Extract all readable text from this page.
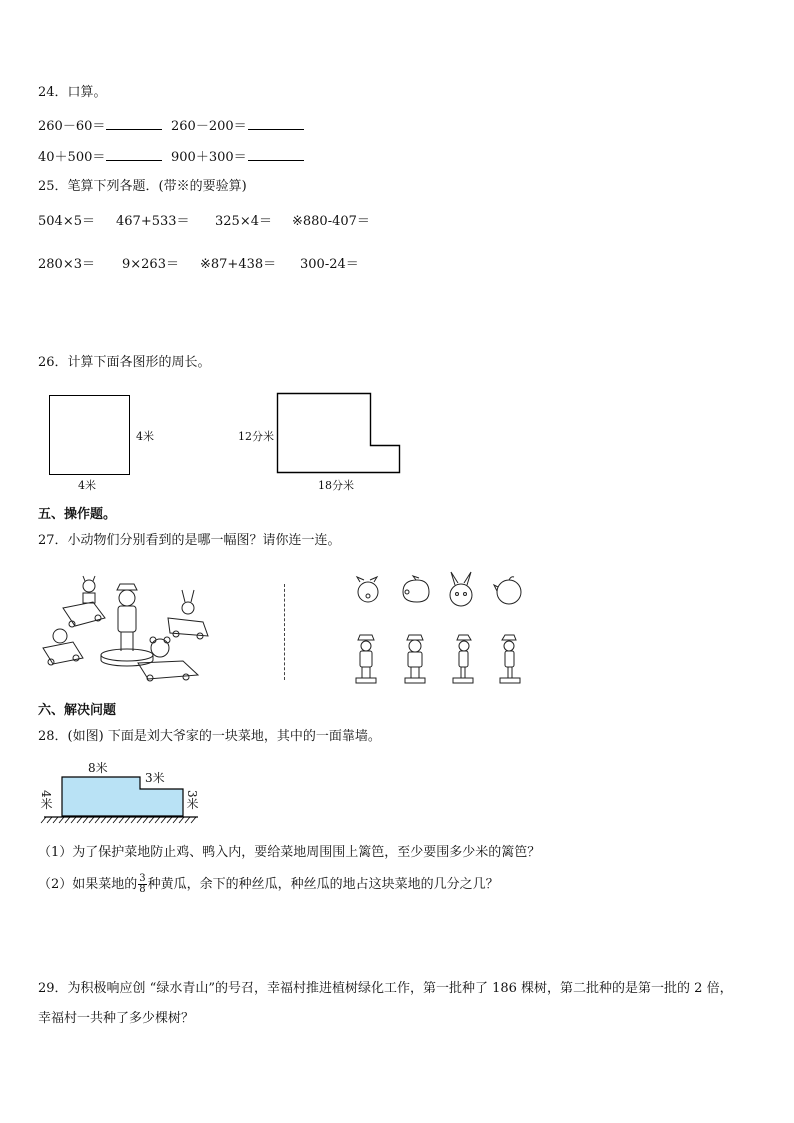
24．口算。
260－60＝	260－200＝
40＋500＝	900＋300＝
25．笔算下列各题．(带※的要验算)
504×5＝ 467+533＝ 325×4＝ ※880-407＝
280×3＝ 9×263＝ ※87+438＝ 300-24＝
26．计算下面各图形的周长。
4米
4米
12分米
18分米
五、操作题。
27．小动物们分别看到的是哪一幅图？请你连一连。
六、解决问题
28．(如图) 下面是刘大爷家的一块菜地，其中的一面靠墙。
8米
3米
4米	3米
（1）为了保护菜地防止鸡、鸭入内，要给菜地周围围上篱笆，至少要围多少米的篱笆？
（2）如果菜地的 $\frac{3}{8}$ 种黄瓜，余下的种丝瓜，种丝瓜的地占这块菜地的几分之几？
29．为积极响应创 “绿水青山”的号召，幸福村推进植树绿化工作，第一批种了 186 棵树，第二批种的是第一批的 2 倍，
幸福村一共种了多少棵树？
